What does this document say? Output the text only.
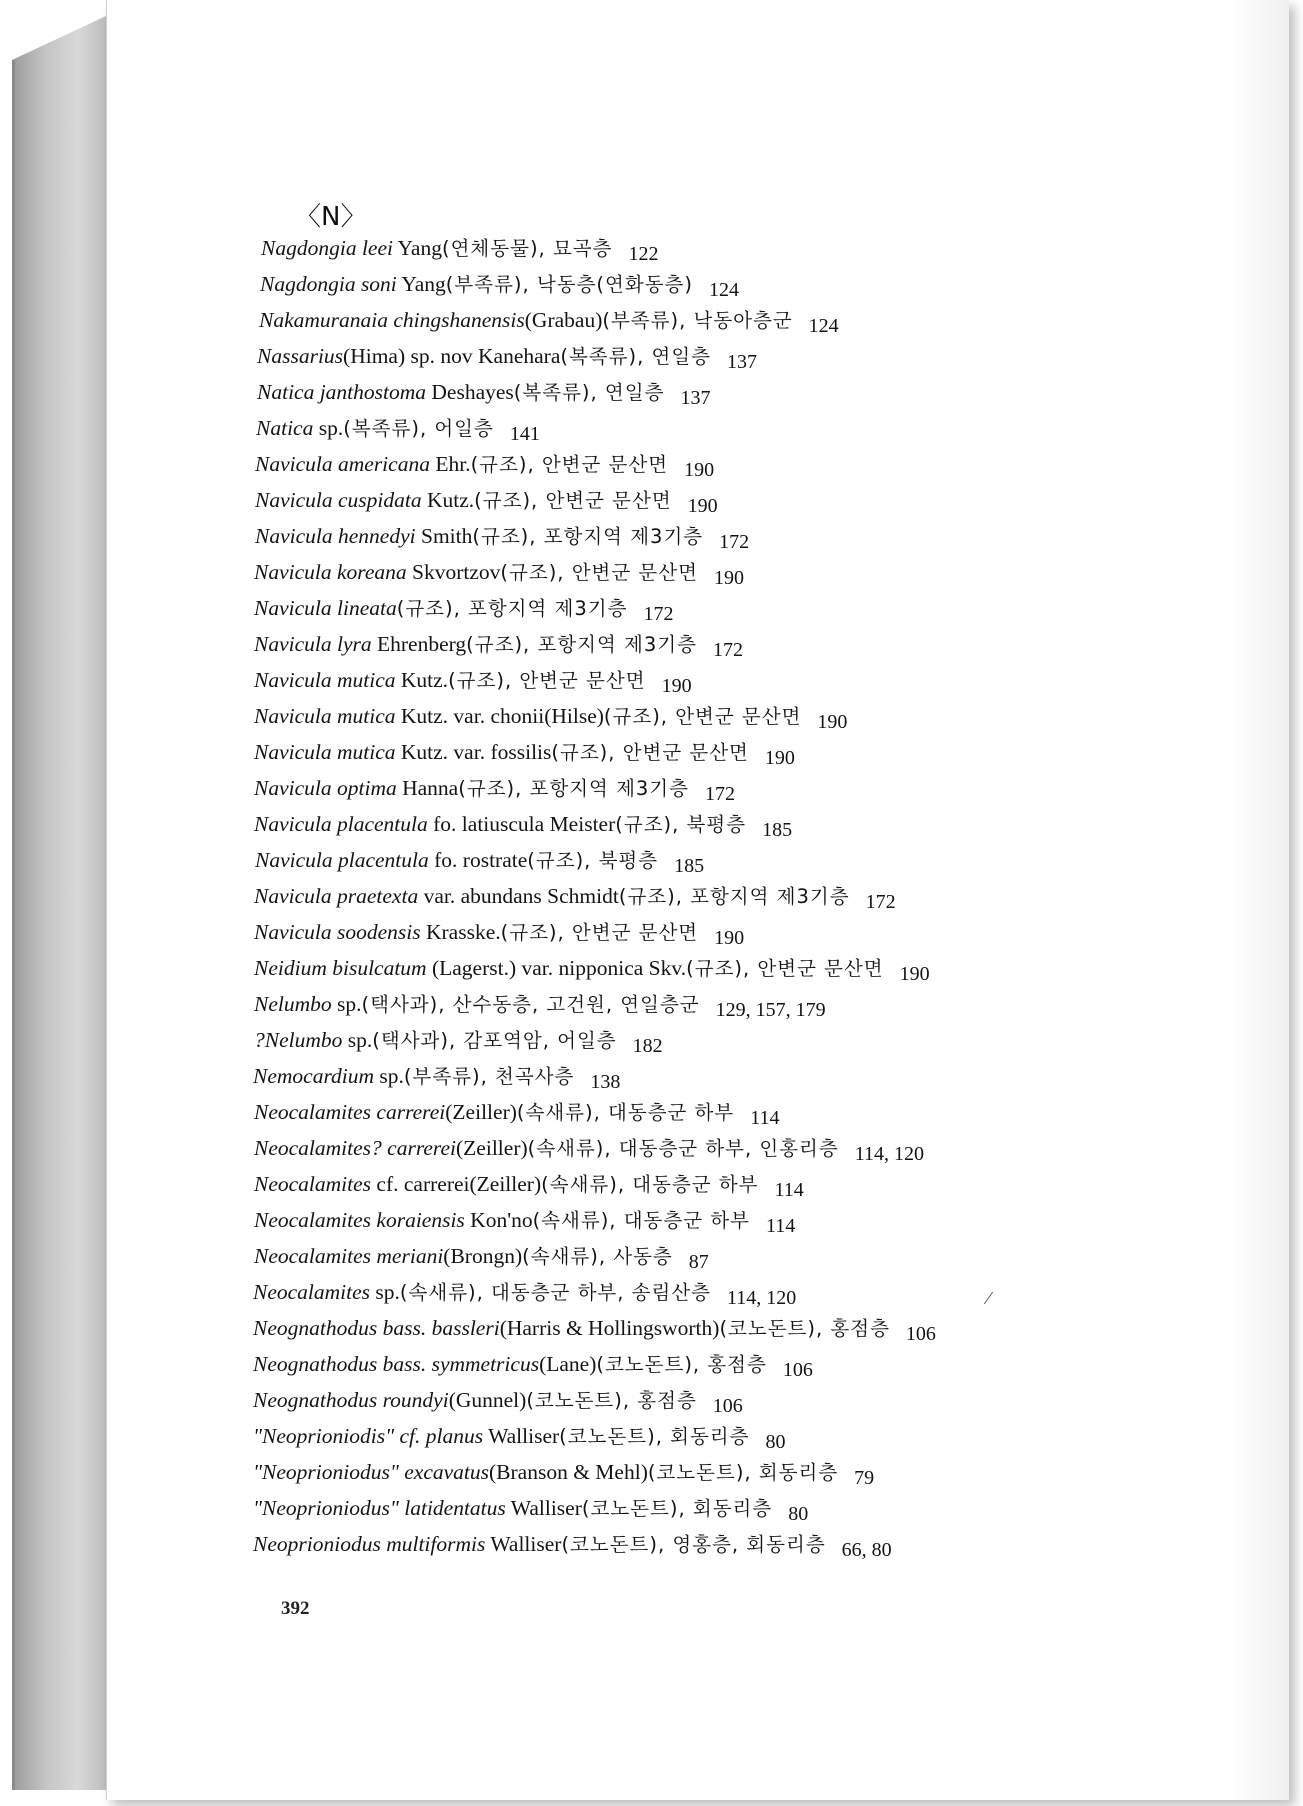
〈N〉
Nagdongia leei Yang(연체동물), 묘곡층 122
Nagdongia soni Yang(부족류), 낙동층(연화동층) 124
Nakamuranaia chingshanensis(Grabau)(부족류), 낙동아층군 124
Nassarius(Hima) sp. nov Kanehara(복족류), 연일층 137
Natica janthostoma Deshayes(복족류), 연일층 137
Natica sp.(복족류), 어일층 141
Navicula americana Ehr.(규조), 안변군 문산면 190
Navicula cuspidata Kutz.(규조), 안변군 문산면 190
Navicula hennedyi Smith(규조), 포항지역 제3기층 172
Navicula koreana Skvortzov(규조), 안변군 문산면 190
Navicula lineata(규조), 포항지역 제3기층 172
Navicula lyra Ehrenberg(규조), 포항지역 제3기층 172
Navicula mutica Kutz.(규조), 안변군 문산면 190
Navicula mutica Kutz. var. chonii(Hilse)(규조), 안변군 문산면 190
Navicula mutica Kutz. var. fossilis(규조), 안변군 문산면 190
Navicula optima Hanna(규조), 포항지역 제3기층 172
Navicula placentula fo. latiuscula Meister(규조), 북평층 185
Navicula placentula fo. rostrate(규조), 북평층 185
Navicula praetexta var. abundans Schmidt(규조), 포항지역 제3기층 172
Navicula soodensis Krasske.(규조), 안변군 문산면 190
Neidium bisulcatum (Lagerst.) var. nipponica Skv.(규조), 안변군 문산면 190
Nelumbo sp.(택사과), 산수동층, 고건원, 연일층군 129, 157, 179
?Nelumbo sp.(택사과), 감포역암, 어일층 182
Nemocardium sp.(부족류), 천곡사층 138
Neocalamites carrerei(Zeiller)(속새류), 대동층군 하부 114
Neocalamites? carrerei(Zeiller)(속새류), 대동층군 하부, 인홍리층 114, 120
Neocalamites cf. carrerei(Zeiller)(속새류), 대동층군 하부 114
Neocalamites koraiensis Kon'no(속새류), 대동층군 하부 114
Neocalamites meriani(Brongn)(속새류), 사동층 87
Neocalamites sp.(속새류), 대동층군 하부, 송림산층 114, 120
Neognathodus bass. bassleri(Harris & Hollingsworth)(코노돈트), 홍점층 106
Neognathodus bass. symmetricus(Lane)(코노돈트), 홍점층 106
Neognathodus roundyi(Gunnel)(코노돈트), 홍점층 106
"Neoprioniodis" cf. planus Walliser(코노돈트), 회동리층 80
"Neoprioniodus" excavatus(Branson & Mehl)(코노돈트), 회동리층 79
"Neoprioniodus" latidentatus Walliser(코노돈트), 회동리층 80
Neoprioniodus multiformis Walliser(코노돈트), 영홍층, 회동리층 66, 80
⁄
392
